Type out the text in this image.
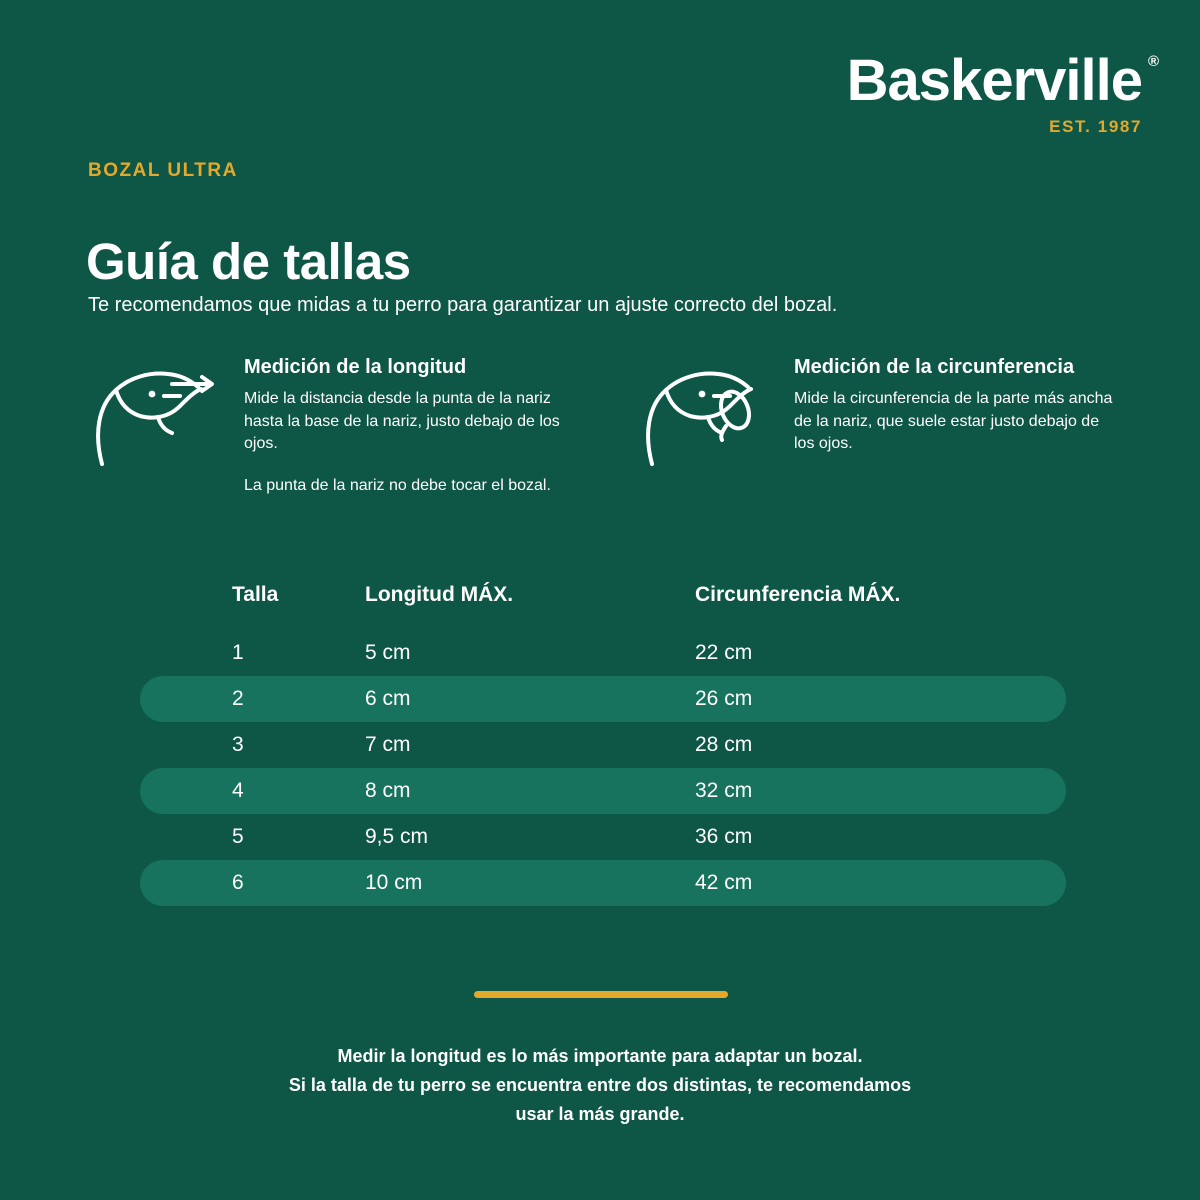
Baskerville ®
EST. 1987
BOZAL ULTRA
Guía de tallas
Te recomendamos que midas a tu perro para garantizar un ajuste correcto del bozal.
Medición de la longitud
Mide la distancia desde la punta de la nariz hasta la base de la nariz, justo debajo de los ojos.
La punta de la nariz no debe tocar el bozal.
Medición de la circunferencia
Mide la circunferencia de la parte más ancha de la nariz, que suele estar justo debajo de los ojos.
Talla	Longitud MÁX.	Circunferencia MÁX.
1	5 cm	22 cm
2	6 cm	26 cm
3	7 cm	28 cm
4	8 cm	32 cm
5	9,5 cm	36 cm
6	10 cm	42 cm
Medir la longitud es lo más importante para adaptar un bozal.
Si la talla de tu perro se encuentra entre dos distintas, te recomendamos
usar la más grande.
